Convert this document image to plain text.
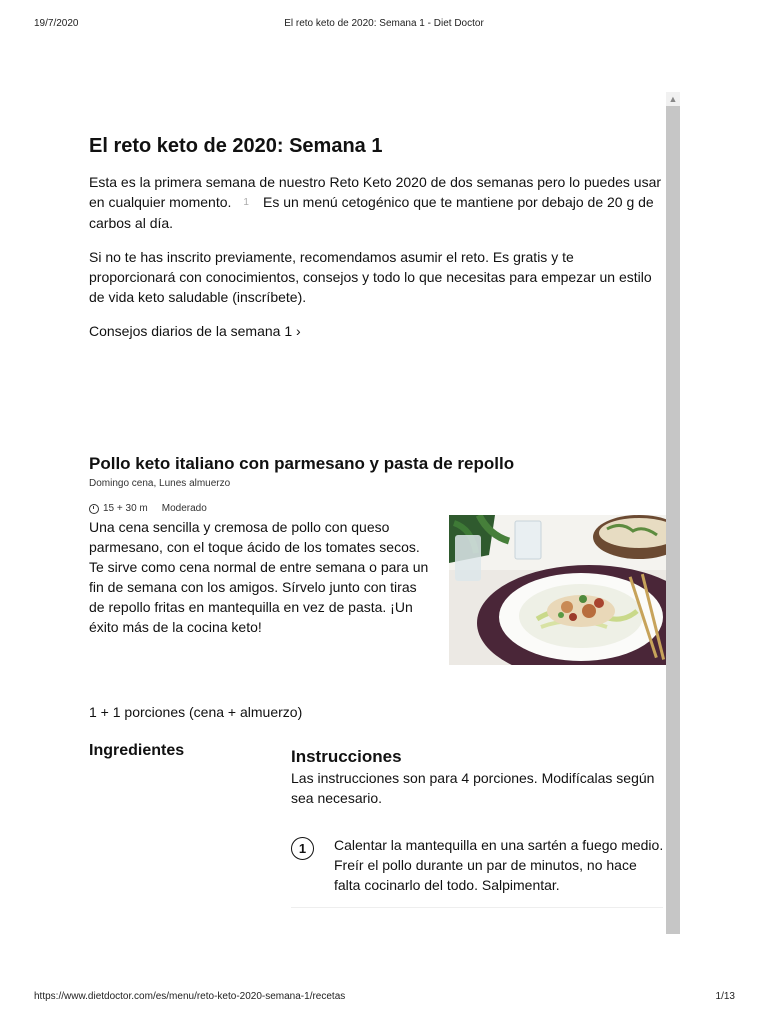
19/7/2020	El reto keto de 2020: Semana 1 - Diet Doctor
▲
El reto keto de 2020: Semana 1

Esta es la primera semana de nuestro Reto Keto 2020 de dos semanas pero lo puedes usar en cualquier momento. 1 Es un menú cetogénico que te mantiene por debajo de 20 g de carbos al día.

Si no te has inscrito previamente, recomendamos asumir el reto. Es gratis y te proporcionará con conocimientos, consejos y todo lo que necesitas para empezar un estilo de vida keto saludable (inscríbete).

Consejos diarios de la semana 1 ›
Pollo keto italiano con parmesano y pasta de repollo
Domingo cena, Lunes almuerzo
15 + 30 m Moderado

Una cena sencilla y cremosa de pollo con queso parmesano, con el toque ácido de los tomates secos. Te sirve como cena normal de entre semana o para un fin de semana con los amigos. Sírvelo junto con tiras de repollo fritas en mantequilla en vez de pasta. ¡Un éxito más de la cocina keto!

1 + 1 porciones (cena + almuerzo)
Ingredientes	Instrucciones

Las instrucciones son para 4 porciones. Modifícalas según sea necesario.

1	Calentar la mantequilla en una sartén a fuego medio. Freír el pollo durante un par de minutos, no hace falta cocinarlo del todo. Salpimentar.

https://www.dietdoctor.com/es/menu/reto-keto-2020-semana-1/recetas	1/13
